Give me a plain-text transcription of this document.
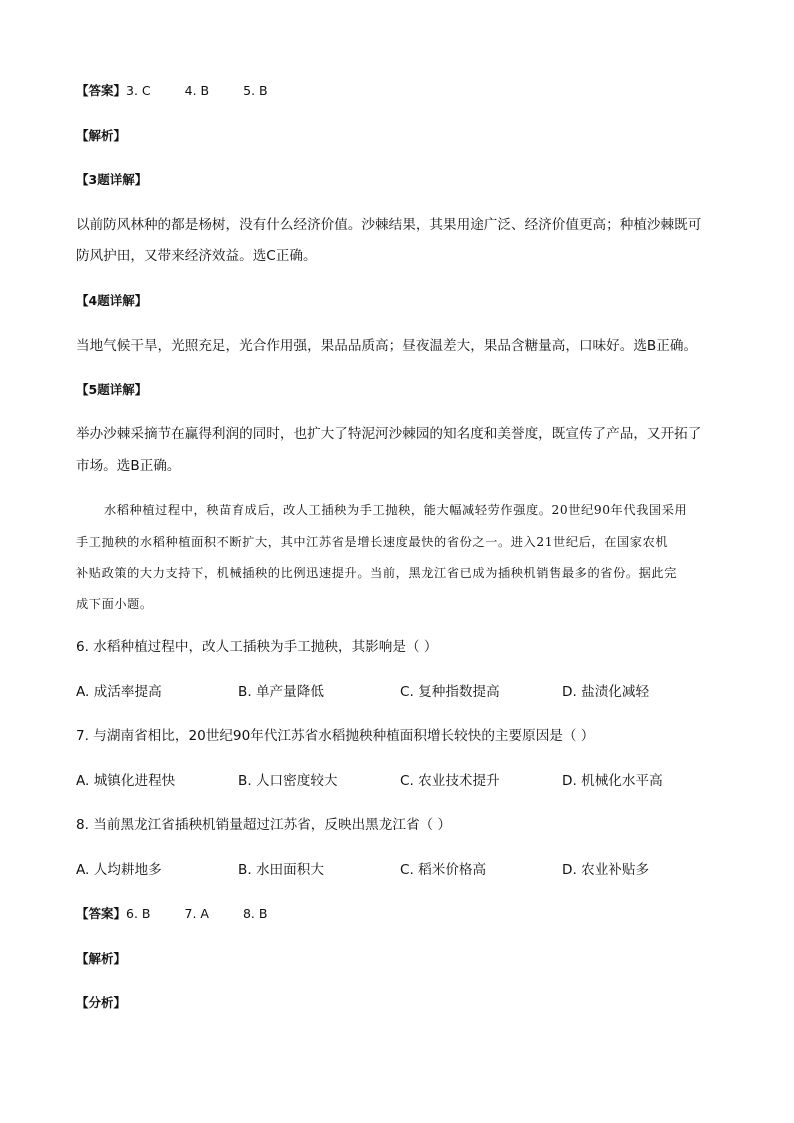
【答案】3. C	4. B	5. B
【解析】
【3题详解】
以前防风林种的都是杨树，没有什么经济价值。沙棘结果，其果用途广泛、经济价值更高；种植沙棘既可
防风护田，又带来经济效益。选C正确。
【4题详解】
当地气候干旱，光照充足，光合作用强，果品品质高；昼夜温差大，果品含糖量高，口味好。选B正确。
【5题详解】
举办沙棘采摘节在赢得利润的同时，也扩大了特泥河沙棘园的知名度和美誉度，既宣传了产品，又开拓了
市场。选B正确。
水稻种植过程中，秧苗育成后，改人工插秧为手工抛秧，能大幅减轻劳作强度。20世纪90年代我国采用
手工抛秧的水稻种植面积不断扩大，其中江苏省是增长速度最快的省份之一。进入21世纪后，在国家农机
补贴政策的大力支持下，机械插秧的比例迅速提升。当前，黑龙江省已成为插秧机销售最多的省份。据此完
成下面小题。
6. 水稻种植过程中，改人工插秧为手工抛秧，其影响是（ ）
A. 成活率提高	B. 单产量降低	C. 复种指数提高	D. 盐渍化减轻
7. 与湖南省相比，20世纪90年代江苏省水稻抛秧种植面积增长较快的主要原因是（ ）
A. 城镇化进程快	B. 人口密度较大	C. 农业技术提升	D. 机械化水平高
8. 当前黑龙江省插秧机销量超过江苏省，反映出黑龙江省（ ）
A. 人均耕地多	B. 水田面积大	C. 稻米价格高	D. 农业补贴多
【答案】6. B	7. A	8. B
【解析】
【分析】
